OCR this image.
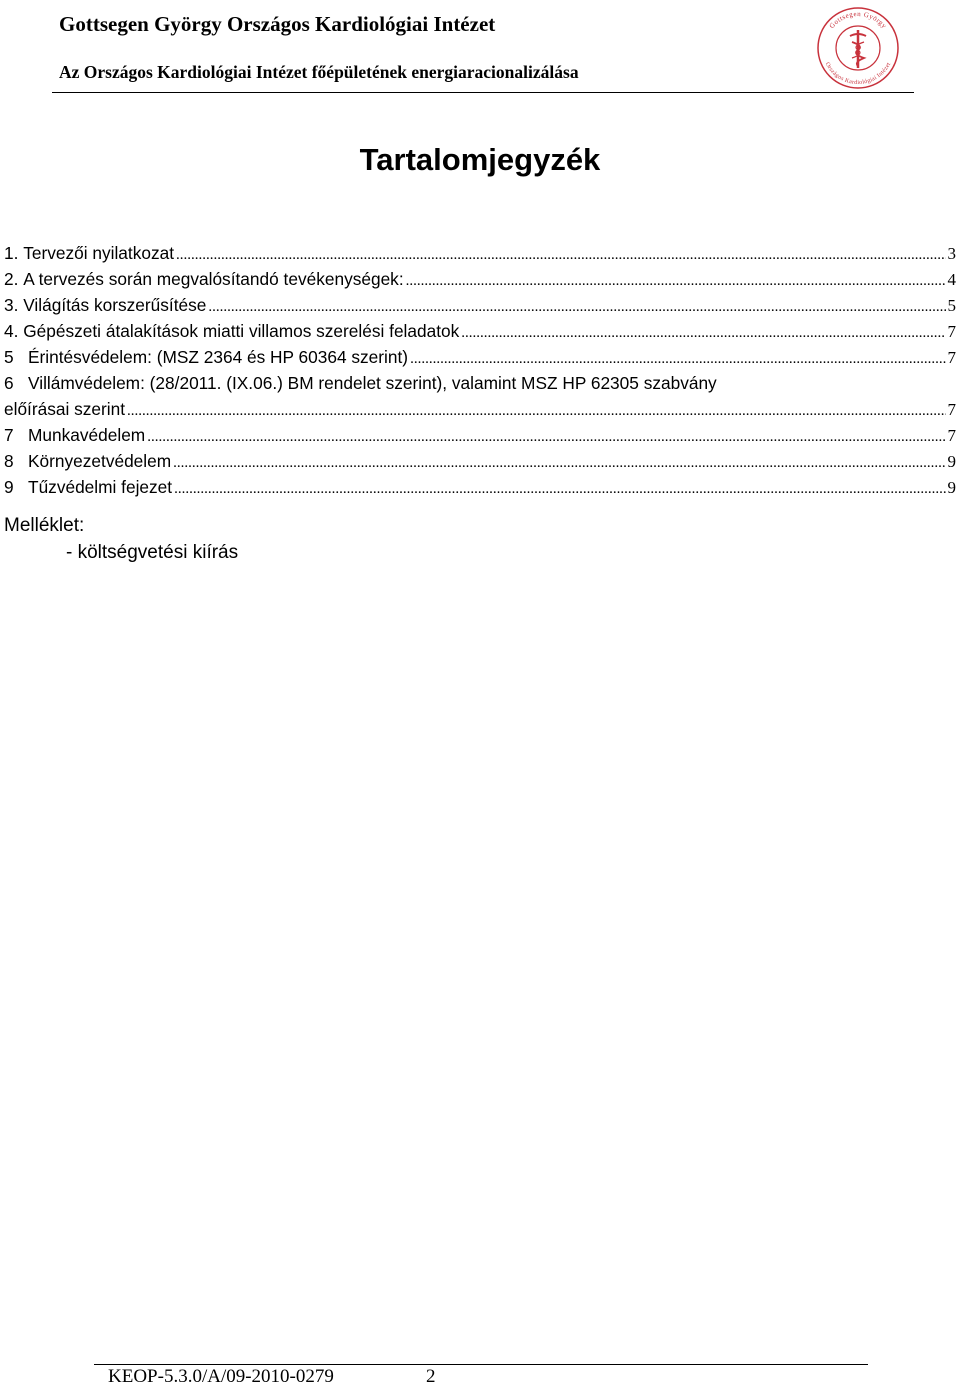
Gottsegen György Országos Kardiológiai Intézet
Az Országos Kardiológiai Intézet főépületének energiaracionalizálása
Gottsegen György
Országos Kardiológiai Intézet
Tartalomjegyzék
1. Tervezői nyilatkozat .....	3
2. A tervezés során megvalósítandó tevékenységek: .....	4
3. Világítás korszerűsítése .....	5
4. Gépészeti átalakítások miatti villamos szerelési feladatok .....	7
5 Érintésvédelem: (MSZ 2364 és HP 60364 szerint) .....	7
6   Villámvédelem: (28/2011. (IX.06.) BM rendelet szerint), valamint MSZ HP 62305 szabvány
előírásai szerint .....	7
7 Munkavédelem .....	7
8 Környezetvédelem .....	9
9 Tűzvédelmi fejezet .....	9
Melléklet:
- költségvetési kiírás
KEOP-5.3.0/A/09-2010-0279	2
